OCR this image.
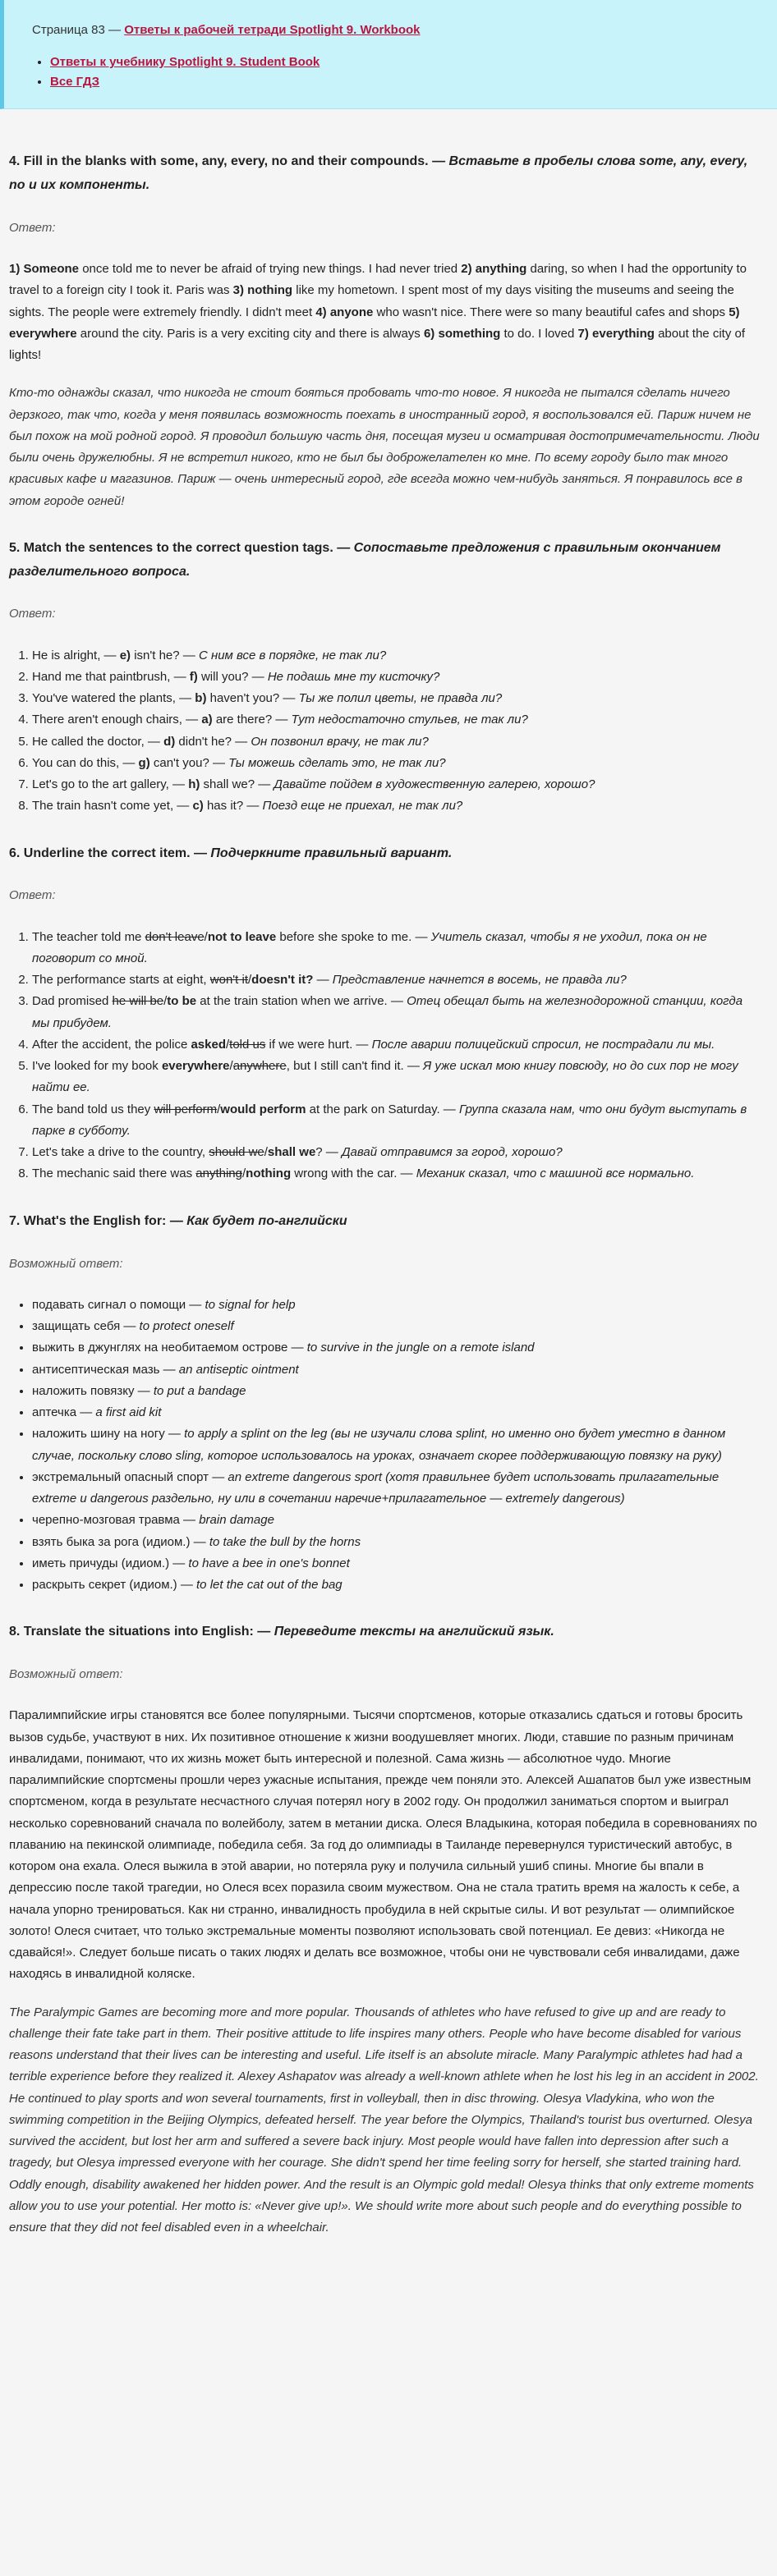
Страница 83 — Ответы к рабочей тетради Spotlight 9. Workbook
• Ответы к учебнику Spotlight 9. Student Book
• Все ГДЗ
4. Fill in the blanks with some, any, every, no and their compounds. — Вставьте в пробелы слова some, any, every, no и их компоненты.
Ответ:

1) Someone once told me to never be afraid of trying new things. I had never tried 2) anything daring, so when I had the opportunity to travel to a foreign city I took it. Paris was 3) nothing like my hometown. I spent most of my days visiting the museums and seeing the sights. The people were extremely friendly. I didn't meet 4) anyone who wasn't nice. There were so many beautiful cafes and shops 5) everywhere around the city. Paris is a very exciting city and there is always 6) something to do. I loved 7) everything about the city of lights!

Кто-то однажды сказал, что никогда не стоит бояться пробовать что-то новое. Я никогда не пытался сделать ничего дерзкого, так что, когда у меня появилась возможность поехать в иностранный город, я воспользовался ей. Париж ничем не был похож на мой родной город. Я проводил большую часть дня, посещая музеи и осматривая достопримечательности. Люди были очень дружелюбны. Я не встретил никого, кто не был бы доброжелателен ко мне. По всему городу было так много красивых кафе и магазинов. Париж — очень интересный город, где всегда можно чем-нибудь заняться. Я понравилось все в этом городе огней!

5. Match the sentences to the correct question tags. — Сопоставьте предложения с правильным окончанием разделительного вопроса.
Ответ:
1. He is alright, — e) isn't he? — С ним все в порядке, не так ли?
2. Hand me that paintbrush, — f) will you? — Не подашь мне ту кисточку?
3. You've watered the plants, — b) haven't you? — Ты же полил цветы, не правда ли?
4. There aren't enough chairs, — a) are there? — Тут недостаточно стульев, не так ли?
5. He called the doctor, — d) didn't he? — Он позвонил врачу, не так ли?
6. You can do this, — g) can't you? — Ты можешь сделать это, не так ли?
7. Let's go to the art gallery, — h) shall we? — Давайте пойдем в художественную галерею, хорошо?
8. The train hasn't come yet, — c) has it? — Поезд еще не приехал, не так ли?
6. Underline the correct item. — Подчеркните правильный вариант.
Ответ:
1. The teacher told me don't leave/not to leave before she spoke to me. — Учитель сказал, чтобы я не уходил, пока он не поговорит со мной.
2. The performance starts at eight, won't it/doesn't it? — Представление начнется в восемь, не правда ли?
3. Dad promised he will be/to be at the train station when we arrive. — Отец обещал быть на железнодорожной станции, когда мы прибудем.
4. After the accident, the police asked/told us if we were hurt. — После аварии полицейский спросил, не пострадали ли мы.
5. I've looked for my book everywhere/anywhere, but I still can't find it. — Я уже искал мою книгу повсюду, но до сих пор не могу найти ее.
6. The band told us they will perform/would perform at the park on Saturday. — Группа сказала нам, что они будут выступать в парке в субботу.
7. Let's take a drive to the country, should we/shall we? — Давай отправимся за город, хорошо?
8. The mechanic said there was anything/nothing wrong with the car. — Механик сказал, что с машиной все нормально.
7. What's the English for: — Как будет по-английски
Возможный ответ:
• подавать сигнал о помощи — to signal for help
• защищать себя — to protect oneself
• выжить в джунглях на необитаемом острове — to survive in the jungle on a remote island
• антисептическая мазь — an antiseptic ointment
• наложить повязку — to put a bandage
• аптечка — a first aid kit
• наложить шину на ногу — to apply a splint on the leg (вы не изучали слова splint, но именно оно будет уместно в данном случае, поскольку слово sling, которое использовалось на уроках, означает скорее поддерживающую повязку на руку)
• экстремальный опасный спорт — an extreme dangerous sport (хотя правильнее будет использовать прилагательные extreme и dangerous раздельно, ну или в сочетании наречие+прилагательное — extremely dangerous)
• черепно-мозговая травма — brain damage
• взять быка за рога (идиом.) — to take the bull by the horns
• иметь причуды (идиом.) — to have a bee in one's bonnet
• раскрыть секрет (идиом.) — to let the cat out of the bag
8. Translate the situations into English: — Переведите тексты на английский язык.
Возможный ответ:

Паралимпийские игры становятся все более популярными. Тысячи спортсменов, которые отказались сдаться и готовы бросить вызов судьбе, участвуют в них. Их позитивное отношение к жизни воодушевляет многих. Люди, ставшие по разным причинам инвалидами, понимают, что их жизнь может быть интересной и полезной. Сама жизнь — абсолютное чудо. Многие паралимпийские спортсмены прошли через ужасные испытания, прежде чем поняли это. Алексей Ашапатов был уже известным спортсменом, когда в результате несчастного случая потерял ногу в 2002 году. Он продолжил заниматься спортом и выиграл несколько соревнований сначала по волейболу, затем в метании диска. Олеся Владыкина, которая победила в соревнованиях по плаванию на пекинской олимпиаде, победила себя. За год до олимпиады в Таиланде перевернулся туристический автобус, в котором она ехала. Олеся выжила в этой аварии, но потеряла руку и получила сильный ушиб спины. Многие бы впали в депрессию после такой трагедии, но Олеся всех поразила своим мужеством. Она не стала тратить время на жалость к себе, а начала упорно тренироваться. Как ни странно, инвалидность пробудила в ней скрытые силы. И вот результат — олимпийское золото! Олеся считает, что только экстремальные моменты позволяют использовать свой потенциал. Ее девиз: «Никогда не сдавайся!». Следует больше писать о таких людях и делать все возможное, чтобы они не чувствовали себя инвалидами, даже находясь в инвалидной коляске.

The Paralympic Games are becoming more and more popular. Thousands of athletes who have refused to give up and are ready to challenge their fate take part in them. Their positive attitude to life inspires many others. People who have become disabled for various reasons understand that their lives can be interesting and useful. Life itself is an absolute miracle. Many Paralympic athletes had had a terrible experience before they realized it. Alexey Ashapatov was already a well-known athlete when he lost his leg in an accident in 2002. He continued to play sports and won several tournaments, first in volleyball, then in disc throwing. Olesya Vladykina, who won the swimming competition in the Beijing Olympics, defeated herself. The year before the Olympics, Thailand's tourist bus overturned. Olesya survived the accident, but lost her arm and suffered a severe back injury. Most people would have fallen into depression after such a tragedy, but Olesya impressed everyone with her courage. She didn't spend her time feeling sorry for herself, she started training hard. Oddly enough, disability awakened her hidden power. And the result is an Olympic gold medal! Olesya thinks that only extreme moments allow you to use your potential. Her motto is: «Never give up!». We should write more about such people and do everything possible to ensure that they did not feel disabled even in a wheelchair.
